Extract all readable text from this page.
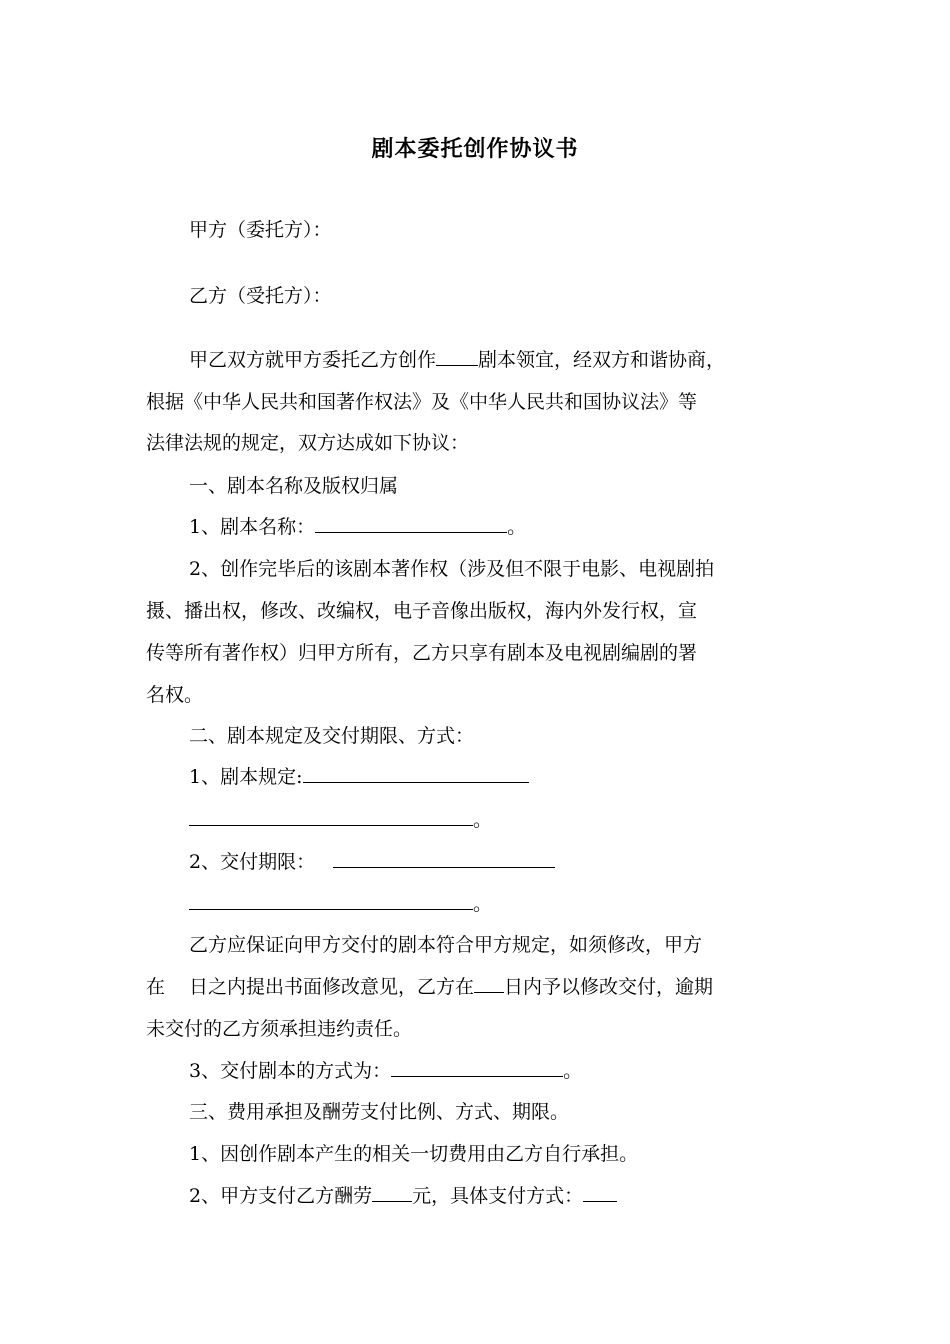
剧本委托创作协议书
甲方（委托方）：
乙方（受托方）：
甲乙双方就甲方委托乙方创作 剧本领宜，经双方和谐协商，
根据《中华人民共和国著作权法》及《中华人民共和国协议法》等
法律法规的规定，双方达成如下协议：
一、剧本名称及版权归属
1、剧本名称：	。
2、创作完毕后的该剧本著作权（涉及但不限于电影、电视剧拍
摄、播出权，修改、改编权，电子音像出版权，海内外发行权，宣
传等所有著作权）归甲方所有，乙方只享有剧本及电视剧编剧的署
名权。
二、剧本规定及交付期限、方式：
1、剧本规定:
。
2、交付期限：
。
乙方应保证向甲方交付的剧本符合甲方规定，如须修改，甲方
在 日之内提出书面修改意见，乙方在 日内予以修改交付，逾期
未交付的乙方须承担违约责任。
3、交付剧本的方式为：	。
三、费用承担及酬劳支付比例、方式、期限。
1、因创作剧本产生的相关一切费用由乙方自行承担。
2、甲方支付乙方酬劳 元，具体支付方式：
